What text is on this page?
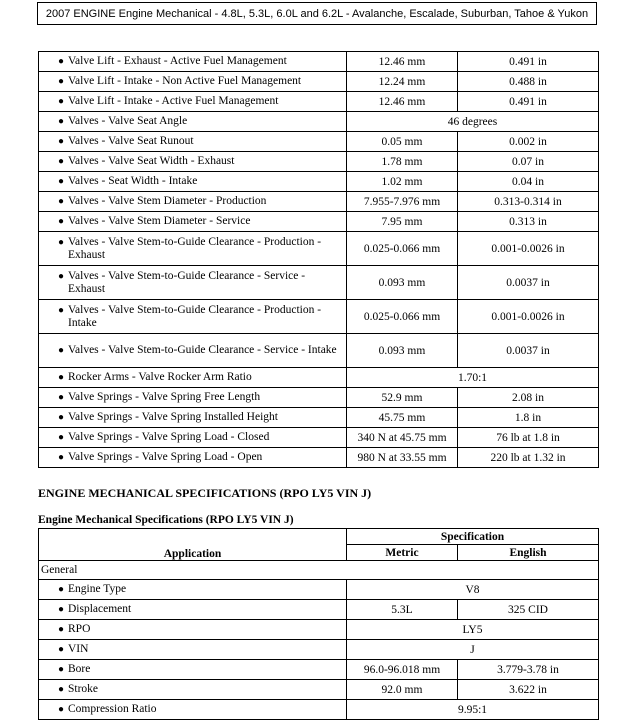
2007 ENGINE Engine Mechanical - 4.8L, 5.3L, 6.0L and 6.2L - Avalanche, Escalade, Suburban, Tahoe & Yukon
● Valve Lift - Exhaust - Active Fuel Management	12.46 mm	0.491 in

● Valve Lift - Intake - Non Active Fuel Management	12.24 mm	0.488 in

● Valve Lift - Intake - Active Fuel Management	12.46 mm	0.491 in

● Valves - Valve Seat Angle	46 degrees	

● Valves - Valve Seat Runout	0.05 mm	0.002 in

● Valves - Valve Seat Width - Exhaust	1.78 mm	0.07 in

● Valves - Seat Width - Intake	1.02 mm	0.04 in

● Valves - Valve Stem Diameter - Production	7.955-7.976 mm	0.313-0.314 in

● Valves - Valve Stem Diameter - Service	7.95 mm	0.313 in

● Valves - Valve Stem-to-Guide Clearance - Production - Exhaust	0.025-0.066 mm	0.001-0.0026 in

● Valves - Valve Stem-to-Guide Clearance - Service - Exhaust	0.093 mm	0.0037 in

● Valves - Valve Stem-to-Guide Clearance - Production - Intake	0.025-0.066 mm	0.001-0.0026 in

● Valves - Valve Stem-to-Guide Clearance - Service - Intake	0.093 mm	0.0037 in

● Rocker Arms - Valve Rocker Arm Ratio	1.70:1	

● Valve Springs - Valve Spring Free Length	52.9 mm	2.08 in

● Valve Springs - Valve Spring Installed Height	45.75 mm	1.8 in

● Valve Springs - Valve Spring Load - Closed	340 N at 45.75 mm	76 lb at 1.8 in

● Valve Springs - Valve Spring Load - Open	980 N at 33.55 mm	220 lb at 1.32 in
ENGINE MECHANICAL SPECIFICATIONS (RPO LY5 VIN J)
Engine Mechanical Specifications (RPO LY5 VIN J)
Application	Specification	
	Metric	English
General		

● Engine Type	V8	

● Displacement	5.3L	325 CID

● RPO	LY5	

● VIN	J	

● Bore	96.0-96.018 mm	3.779-3.78 in

● Stroke	92.0 mm	3.622 in

● Compression Ratio	9.95:1	
